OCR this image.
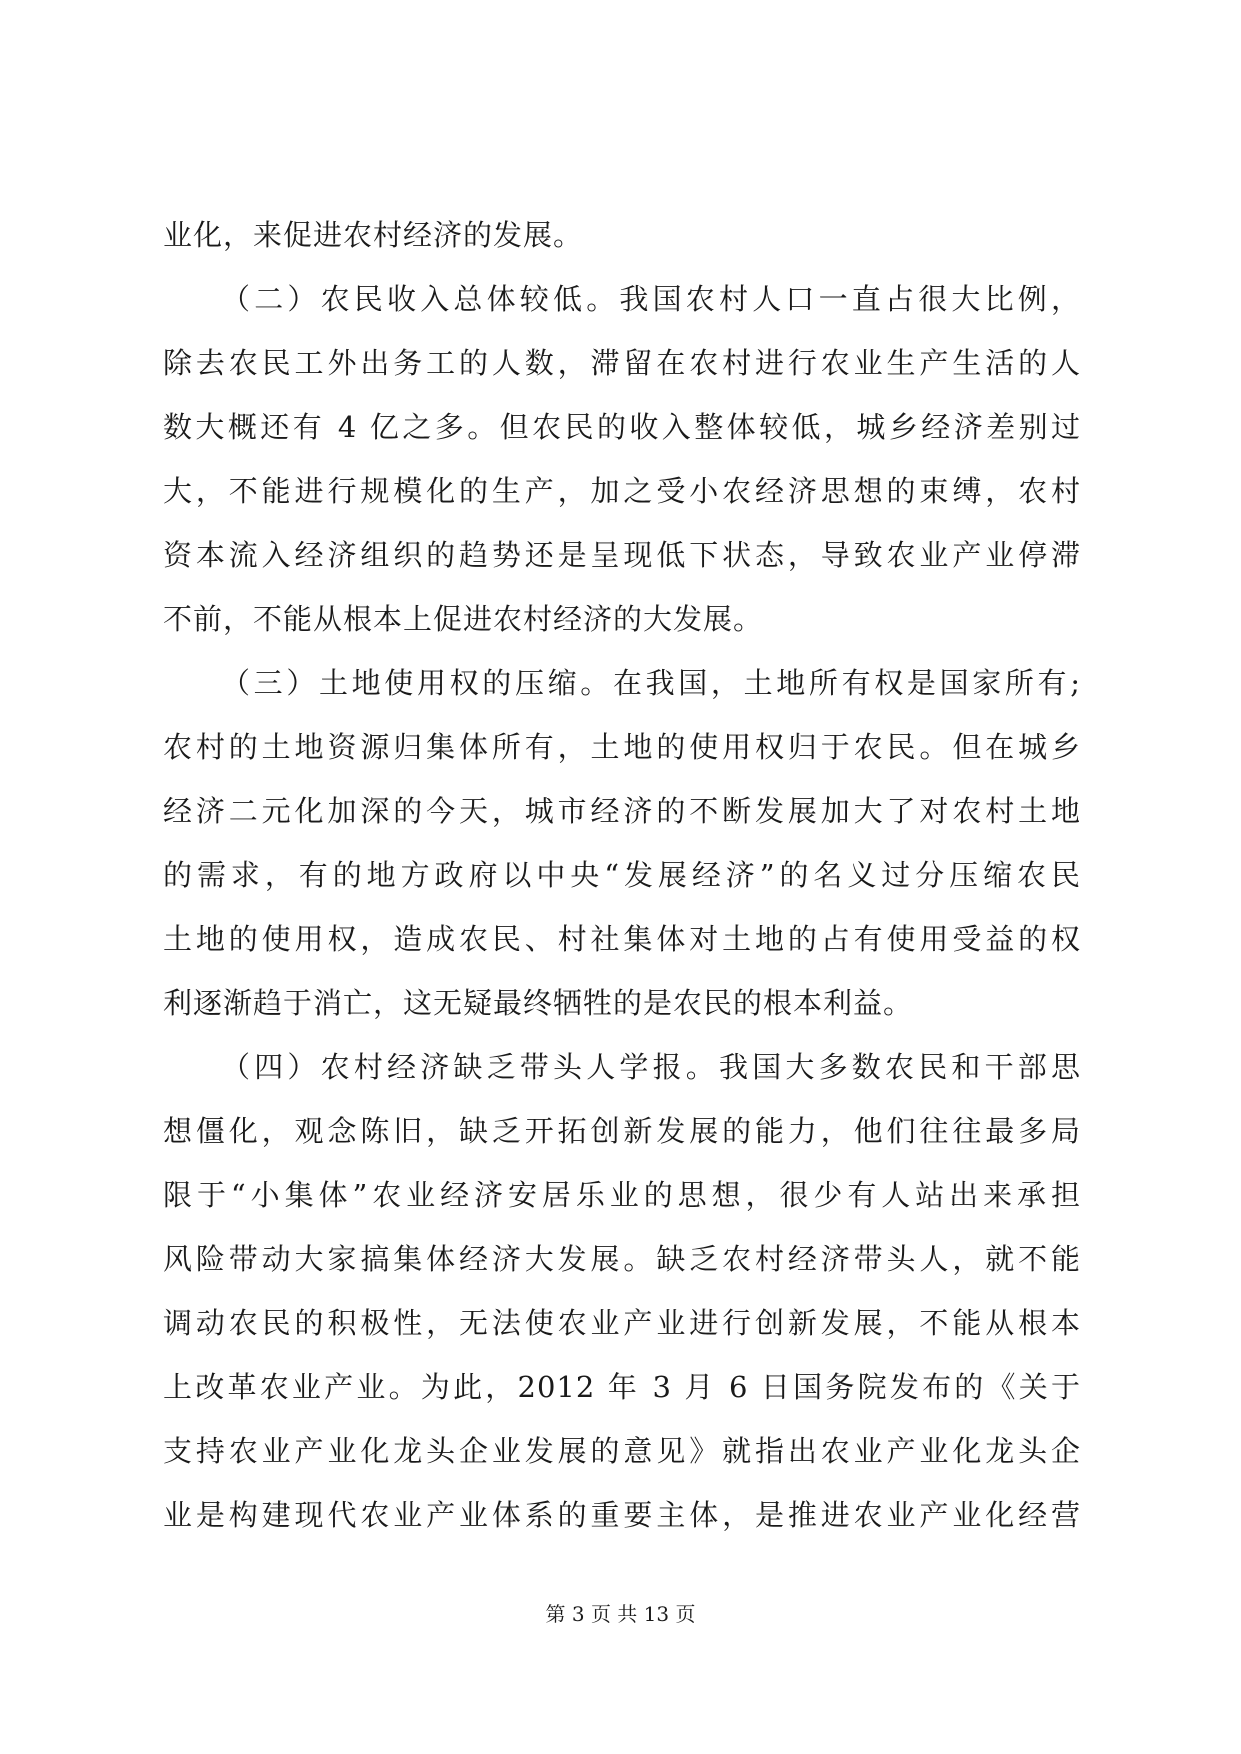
业化，来促进农村经济的发展。
（二）农民收入总体较低。我国农村人口一直占很大比例，
除去农民工外出务工的人数，滞留在农村进行农业生产生活的人
数大概还有 4 亿之多。但农民的收入整体较低，城乡经济差别过
大，不能进行规模化的生产，加之受小农经济思想的束缚，农村
资本流入经济组织的趋势还是呈现低下状态，导致农业产业停滞
不前，不能从根本上促进农村经济的大发展。
（三）土地使用权的压缩。在我国，土地所有权是国家所有;
农村的土地资源归集体所有，土地的使用权归于农民。但在城乡
经济二元化加深的今天，城市经济的不断发展加大了对农村土地
的需求，有的地方政府以中央“发展经济”的名义过分压缩农民
土地的使用权，造成农民、村社集体对土地的占有使用受益的权
利逐渐趋于消亡，这无疑最终牺牲的是农民的根本利益。
（四）农村经济缺乏带头人学报。我国大多数农民和干部思
想僵化，观念陈旧，缺乏开拓创新发展的能力，他们往往最多局
限于“小集体”农业经济安居乐业的思想，很少有人站出来承担
风险带动大家搞集体经济大发展。缺乏农村经济带头人，就不能
调动农民的积极性，无法使农业产业进行创新发展，不能从根本
上改革农业产业。为此，2012 年 3 月 6 日国务院发布的《关于
支持农业产业化龙头企业发展的意见》就指出农业产业化龙头企
业是构建现代农业产业体系的重要主体，是推进农业产业化经营
第 3 页 共 13 页
